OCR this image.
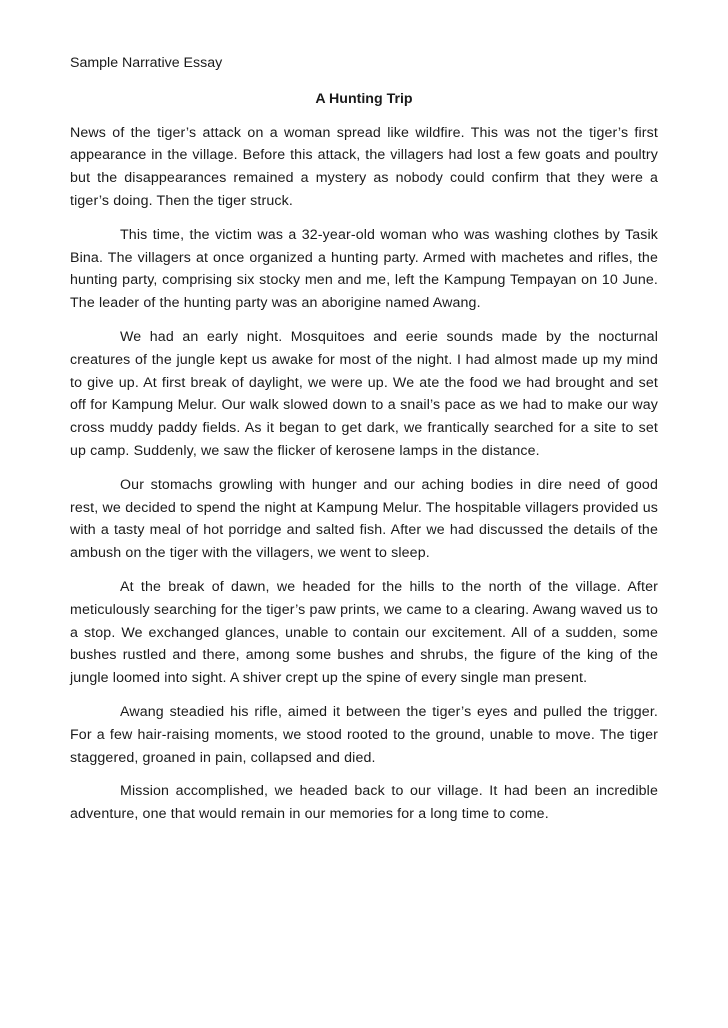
Sample Narrative Essay

A Hunting Trip

News of the tiger’s attack on a woman spread like wildfire. This was not the tiger’s first appearance in the village. Before this attack, the villagers had lost a few goats and poultry but the disappearances remained a mystery as nobody could confirm that they were a tiger’s doing. Then the tiger struck.

This time, the victim was a 32-year-old woman who was washing clothes by Tasik Bina. The villagers at once organized a hunting party. Armed with machetes and rifles, the hunting party, comprising six stocky men and me, left the Kampung Tempayan on 10 June. The leader of the hunting party was an aborigine named Awang.

We had an early night. Mosquitoes and eerie sounds made by the nocturnal creatures of the jungle kept us awake for most of the night. I had almost made up my mind to give up. At first break of daylight, we were up. We ate the food we had brought and set off for Kampung Melur. Our walk slowed down to a snail’s pace as we had to make our way cross muddy paddy fields. As it began to get dark, we frantically searched for a site to set up camp. Suddenly, we saw the flicker of kerosene lamps in the distance.

Our stomachs growling with hunger and our aching bodies in dire need of good rest, we decided to spend the night at Kampung Melur. The hospitable villagers provided us with a tasty meal of hot porridge and salted fish. After we had discussed the details of the ambush on the tiger with the villagers, we went to sleep.

At the break of dawn, we headed for the hills to the north of the village. After meticulously searching for the tiger’s paw prints, we came to a clearing. Awang waved us to a stop. We exchanged glances, unable to contain our excitement. All of a sudden, some bushes rustled and there, among some bushes and shrubs, the figure of the king of the jungle loomed into sight. A shiver crept up the spine of every single man present.

Awang steadied his rifle, aimed it between the tiger’s eyes and pulled the trigger. For a few hair-raising moments, we stood rooted to the ground, unable to move. The tiger staggered, groaned in pain, collapsed and died.

Mission accomplished, we headed back to our village. It had been an incredible adventure, one that would remain in our memories for a long time to come.
